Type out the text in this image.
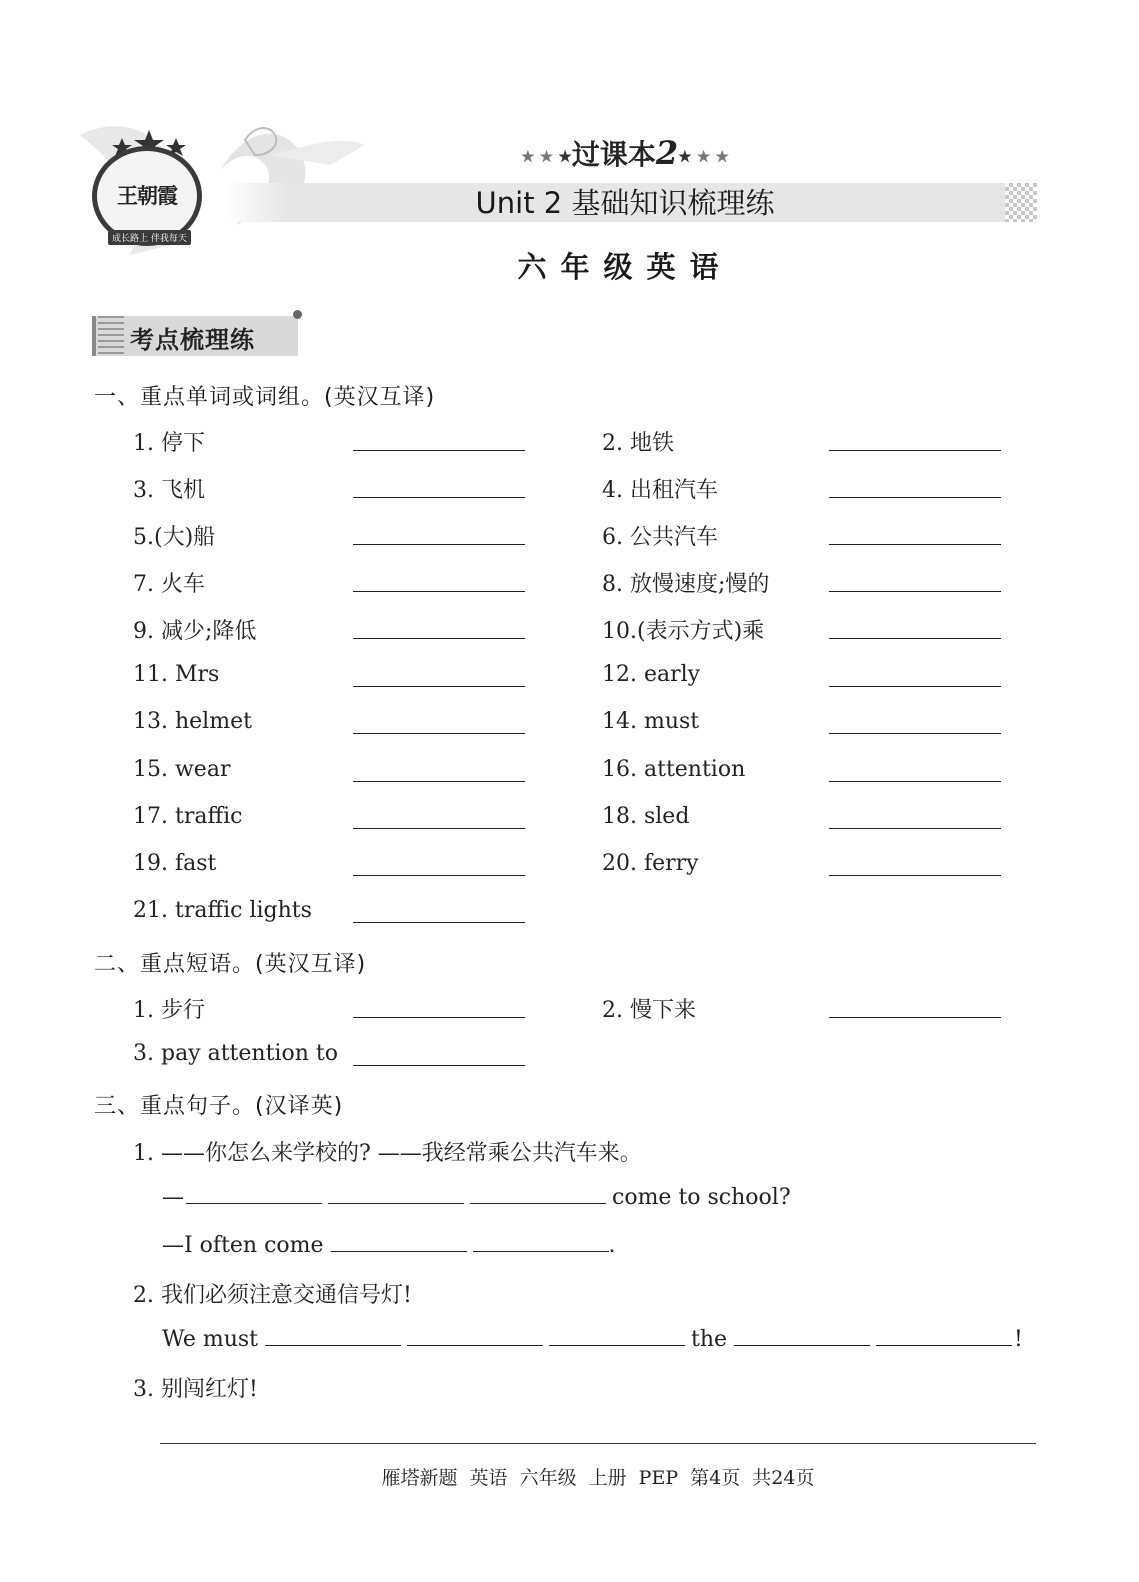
王朝霞
成长路上 伴我每天
★ ★ ★过课本2★ ★ ★
Unit 2 基础知识梳理练
六年级英语
考点梳理练
一、重点单词或词组。(英汉互译)
1. 停下	2. 地铁
3. 飞机	4. 出租汽车
5.(大)船	6. 公共汽车
7. 火车	8. 放慢速度;慢的
9. 减少;降低	10.(表示方式)乘
11. Mrs	12. early
13. helmet	14. must
15. wear	16. attention
17. traffic	18. sled
19. fast	20. ferry
21. traffic lights
二、重点短语。(英汉互译)
1. 步行	2. 慢下来
3. pay attention to
三、重点句子。(汉译英)
1. ——你怎么来学校的? ——我经常乘公共汽车来。
—	come to school?
—I often come	.
2. 我们必须注意交通信号灯!
We must	the	!
3. 别闯红灯!
雁塔新题 英语 六年级 上册 PEP 第4页 共24页
